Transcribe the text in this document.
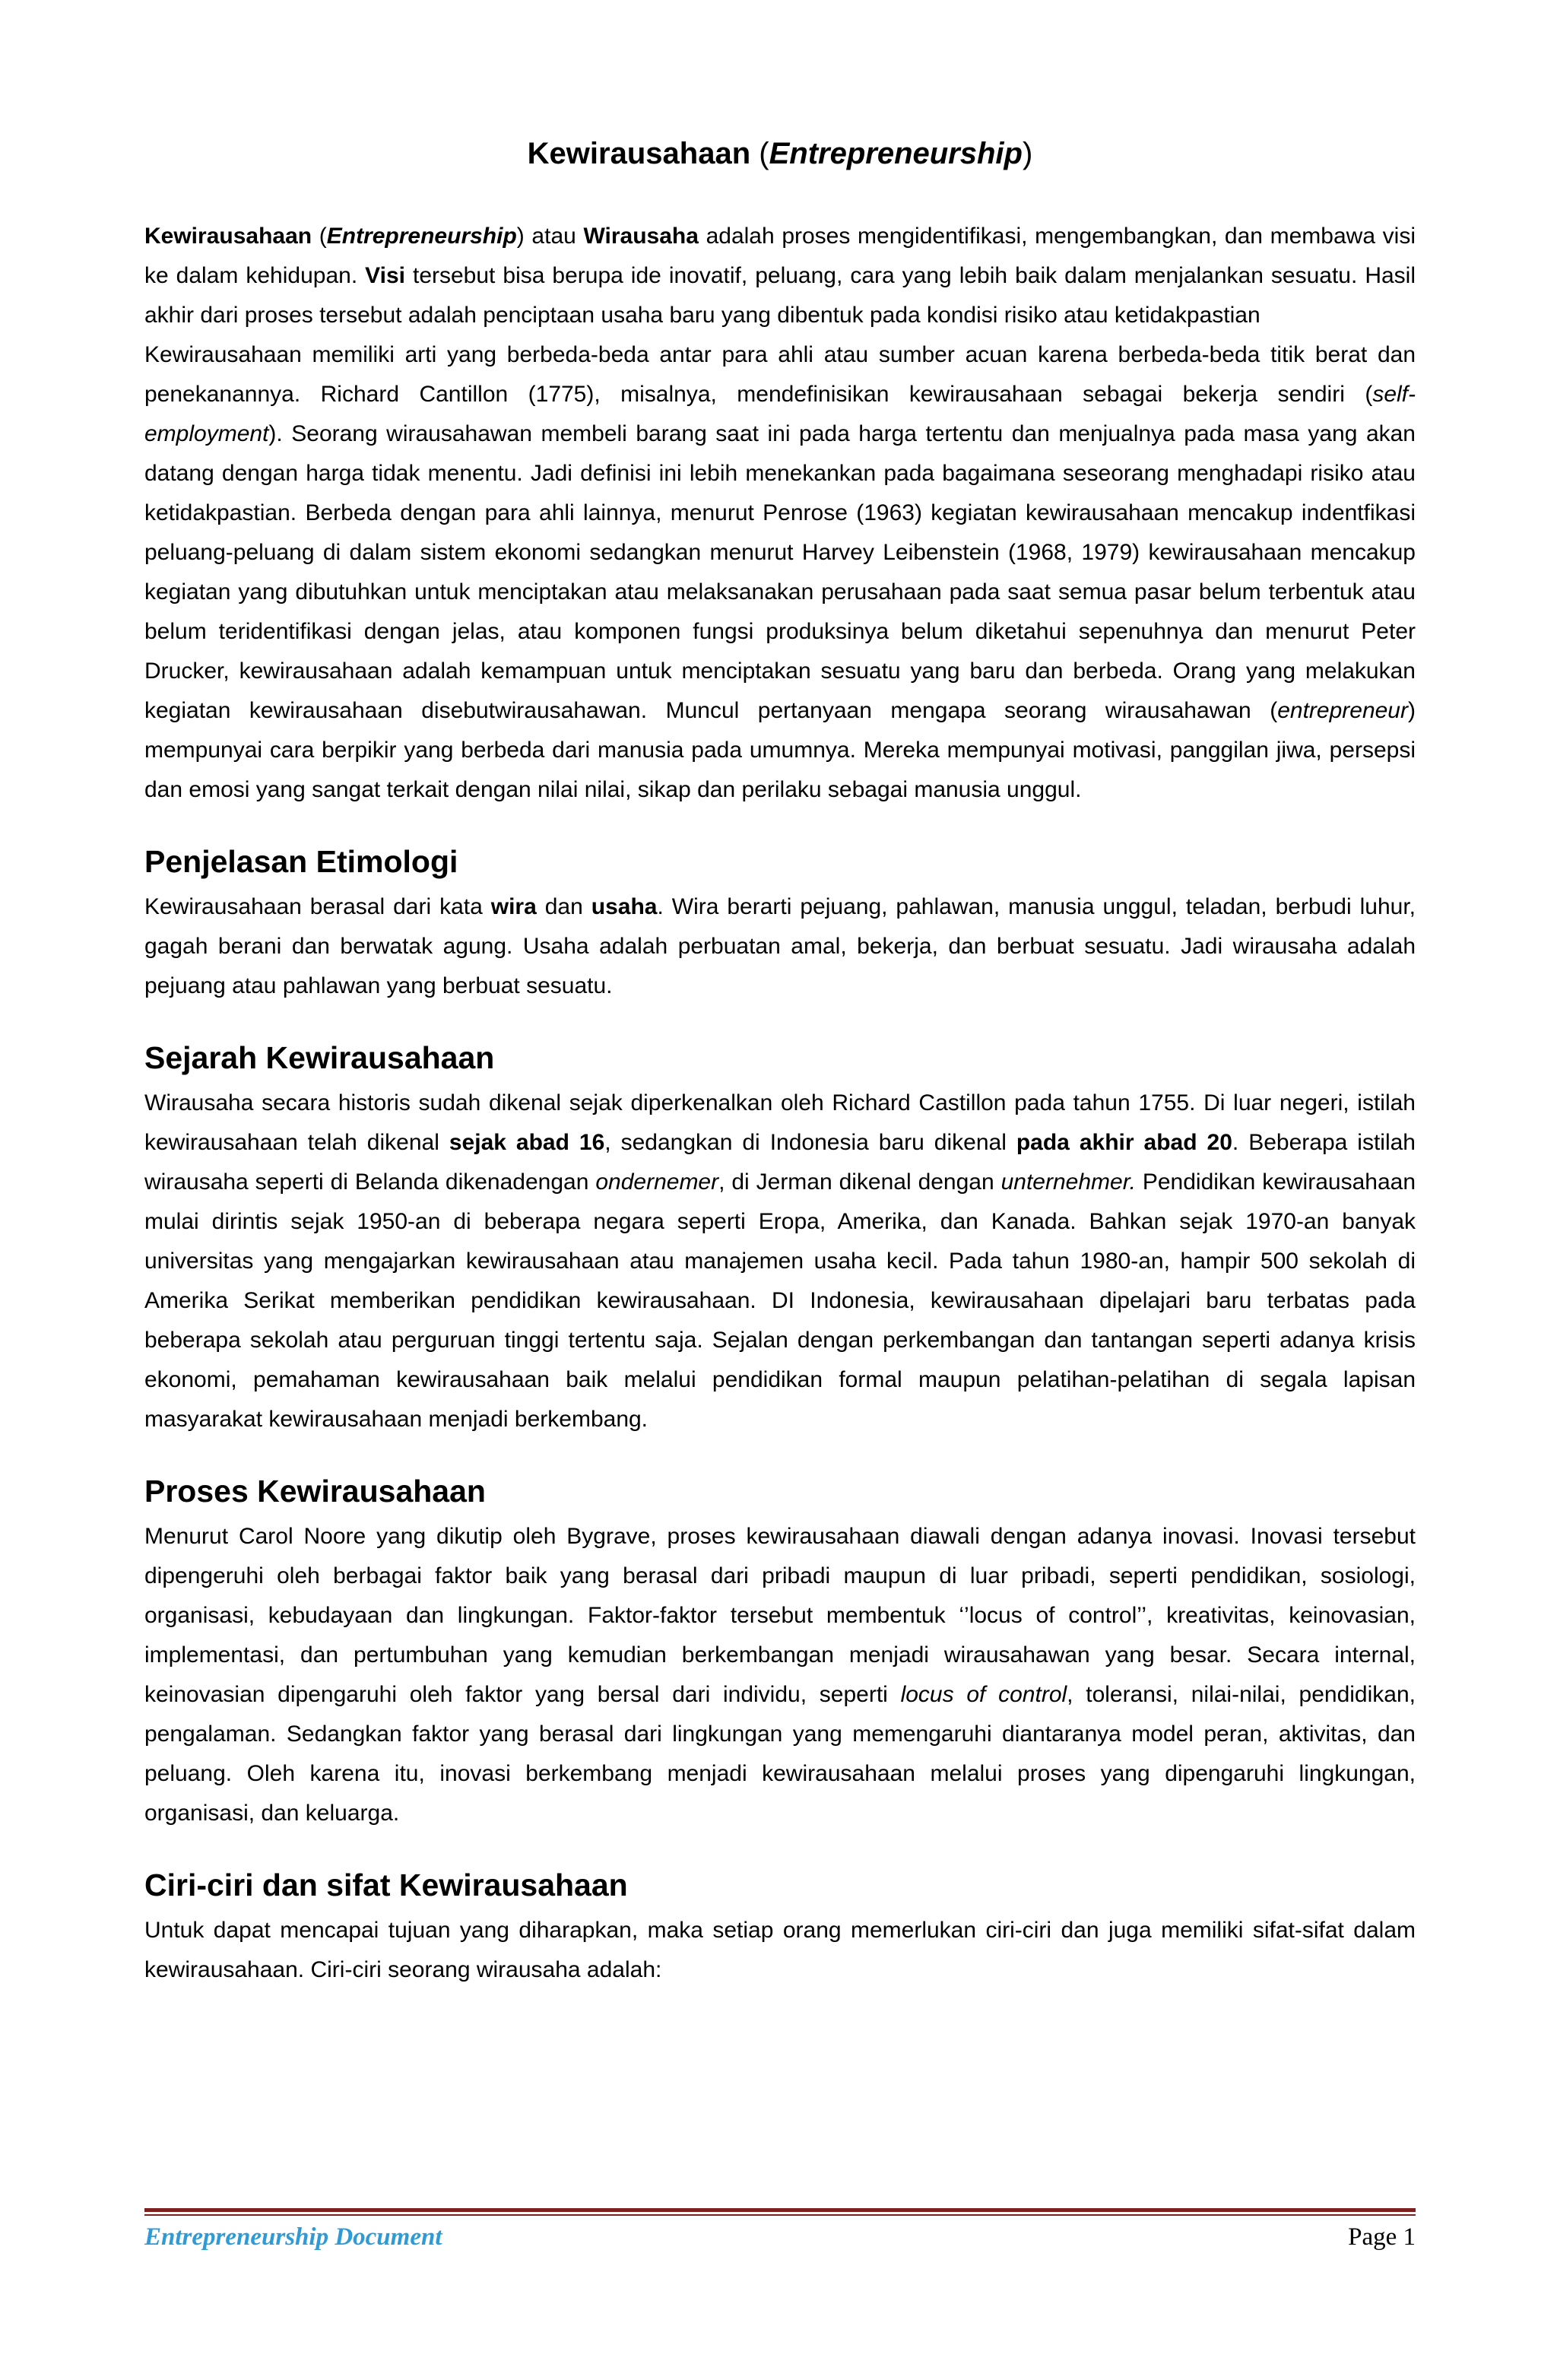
Kewirausahaan (Entrepreneurship)

Kewirausahaan (Entrepreneurship) atau Wirausaha adalah proses mengidentifikasi, mengembangkan, dan membawa visi ke dalam kehidupan. Visi tersebut bisa berupa ide inovatif, peluang, cara yang lebih baik dalam menjalankan sesuatu. Hasil akhir dari proses tersebut adalah penciptaan usaha baru yang dibentuk pada kondisi risiko atau ketidakpastian

Kewirausahaan memiliki arti yang berbeda-beda antar para ahli atau sumber acuan karena berbeda-beda titik berat dan penekanannya. Richard Cantillon (1775), misalnya, mendefinisikan kewirausahaan sebagai bekerja sendiri (self-employment). Seorang wirausahawan membeli barang saat ini pada harga tertentu dan menjualnya pada masa yang akan datang dengan harga tidak menentu. Jadi definisi ini lebih menekankan pada bagaimana seseorang menghadapi risiko atau ketidakpastian. Berbeda dengan para ahli lainnya, menurut Penrose (1963) kegiatan kewirausahaan mencakup indentfikasi peluang-peluang di dalam sistem ekonomi sedangkan menurut Harvey Leibenstein (1968, 1979) kewirausahaan mencakup kegiatan yang dibutuhkan untuk menciptakan atau melaksanakan perusahaan pada saat semua pasar belum terbentuk atau belum teridentifikasi dengan jelas, atau komponen fungsi produksinya belum diketahui sepenuhnya dan menurut Peter Drucker, kewirausahaan adalah kemampuan untuk menciptakan sesuatu yang baru dan berbeda. Orang yang melakukan kegiatan kewirausahaan disebutwirausahawan. Muncul pertanyaan mengapa seorang wirausahawan (entrepreneur) mempunyai cara berpikir yang berbeda dari manusia pada umumnya. Mereka mempunyai motivasi, panggilan jiwa, persepsi dan emosi yang sangat terkait dengan nilai nilai, sikap dan perilaku sebagai manusia unggul.

Penjelasan Etimologi

Kewirausahaan berasal dari kata wira dan usaha. Wira berarti pejuang, pahlawan, manusia unggul, teladan, berbudi luhur, gagah berani dan berwatak agung. Usaha adalah perbuatan amal, bekerja, dan berbuat sesuatu. Jadi wirausaha adalah pejuang atau pahlawan yang berbuat sesuatu.

Sejarah Kewirausahaan

Wirausaha secara historis sudah dikenal sejak diperkenalkan oleh Richard Castillon pada tahun 1755. Di luar negeri, istilah kewirausahaan telah dikenal sejak abad 16, sedangkan di Indonesia baru dikenal pada akhir abad 20. Beberapa istilah wirausaha seperti di Belanda dikenadengan ondernemer, di Jerman dikenal dengan unternehmer. Pendidikan kewirausahaan mulai dirintis sejak 1950-an di beberapa negara seperti Eropa, Amerika, dan Kanada. Bahkan sejak 1970-an banyak universitas yang mengajarkan kewirausahaan atau manajemen usaha kecil. Pada tahun 1980-an, hampir 500 sekolah di Amerika Serikat memberikan pendidikan kewirausahaan. DI Indonesia, kewirausahaan dipelajari baru terbatas pada beberapa sekolah atau perguruan tinggi tertentu saja. Sejalan dengan perkembangan dan tantangan seperti adanya krisis ekonomi, pemahaman kewirausahaan baik melalui pendidikan formal maupun pelatihan-pelatihan di segala lapisan masyarakat kewirausahaan menjadi berkembang.

Proses Kewirausahaan

Menurut Carol Noore yang dikutip oleh Bygrave, proses kewirausahaan diawali dengan adanya inovasi. Inovasi tersebut dipengeruhi oleh berbagai faktor baik yang berasal dari pribadi maupun di luar pribadi, seperti pendidikan, sosiologi, organisasi, kebudayaan dan lingkungan. Faktor-faktor tersebut membentuk ‘’locus of control’’, kreativitas, keinovasian, implementasi, dan pertumbuhan yang kemudian berkembangan menjadi wirausahawan yang besar. Secara internal, keinovasian dipengaruhi oleh faktor yang bersal dari individu, seperti locus of control, toleransi, nilai-nilai, pendidikan, pengalaman. Sedangkan faktor yang berasal dari lingkungan yang memengaruhi diantaranya model peran, aktivitas, dan peluang. Oleh karena itu, inovasi berkembang menjadi kewirausahaan melalui proses yang dipengaruhi lingkungan, organisasi, dan keluarga.

Ciri-ciri dan sifat Kewirausahaan

Untuk dapat mencapai tujuan yang diharapkan, maka setiap orang memerlukan ciri-ciri dan juga memiliki sifat-sifat dalam kewirausahaan. Ciri-ciri seorang wirausaha adalah:

Entrepreneurship Document	Page 1
